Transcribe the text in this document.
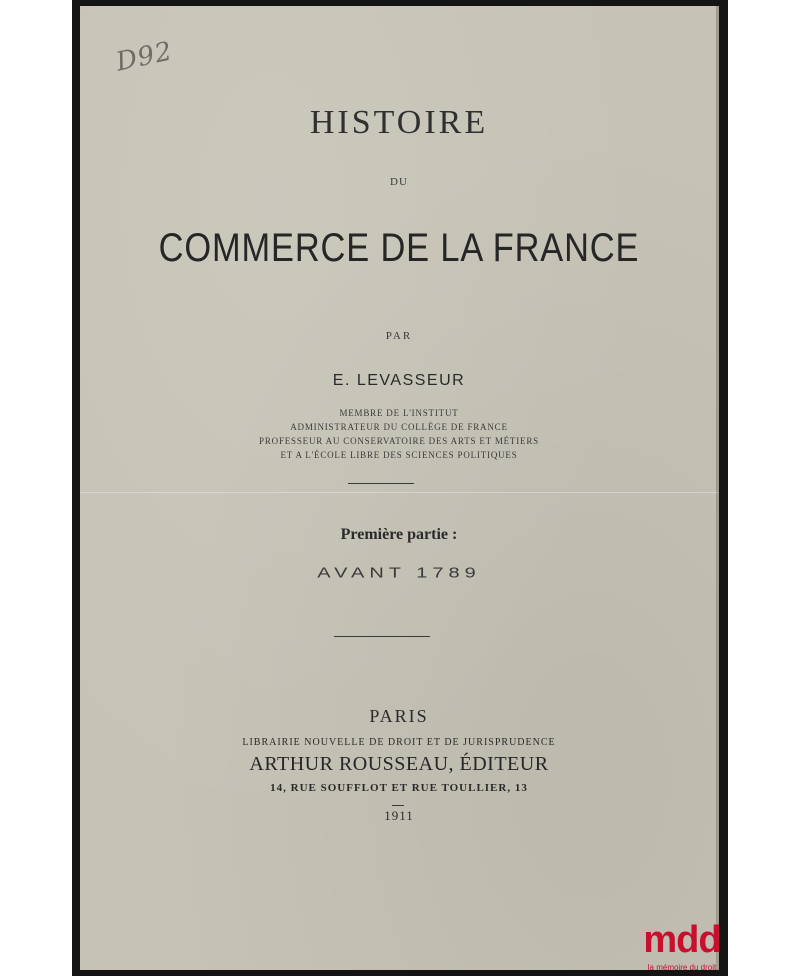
D92
HISTOIRE
DU
COMMERCE DE LA FRANCE
PAR
E. LEVASSEUR
MEMBRE DE L'INSTITUT
ADMINISTRATEUR DU COLLÈGE DE FRANCE
PROFESSEUR AU CONSERVATOIRE DES ARTS ET MÉTIERS
ET A L'ÉCOLE LIBRE DES SCIENCES POLITIQUES
Première partie :
AVANT 1789
PARIS
LIBRAIRIE NOUVELLE DE DROIT ET DE JURISPRUDENCE
ARTHUR ROUSSEAU, ÉDITEUR
14, RUE SOUFFLOT ET RUE TOULLIER, 13
1911
mdd
la mémoire du droit
